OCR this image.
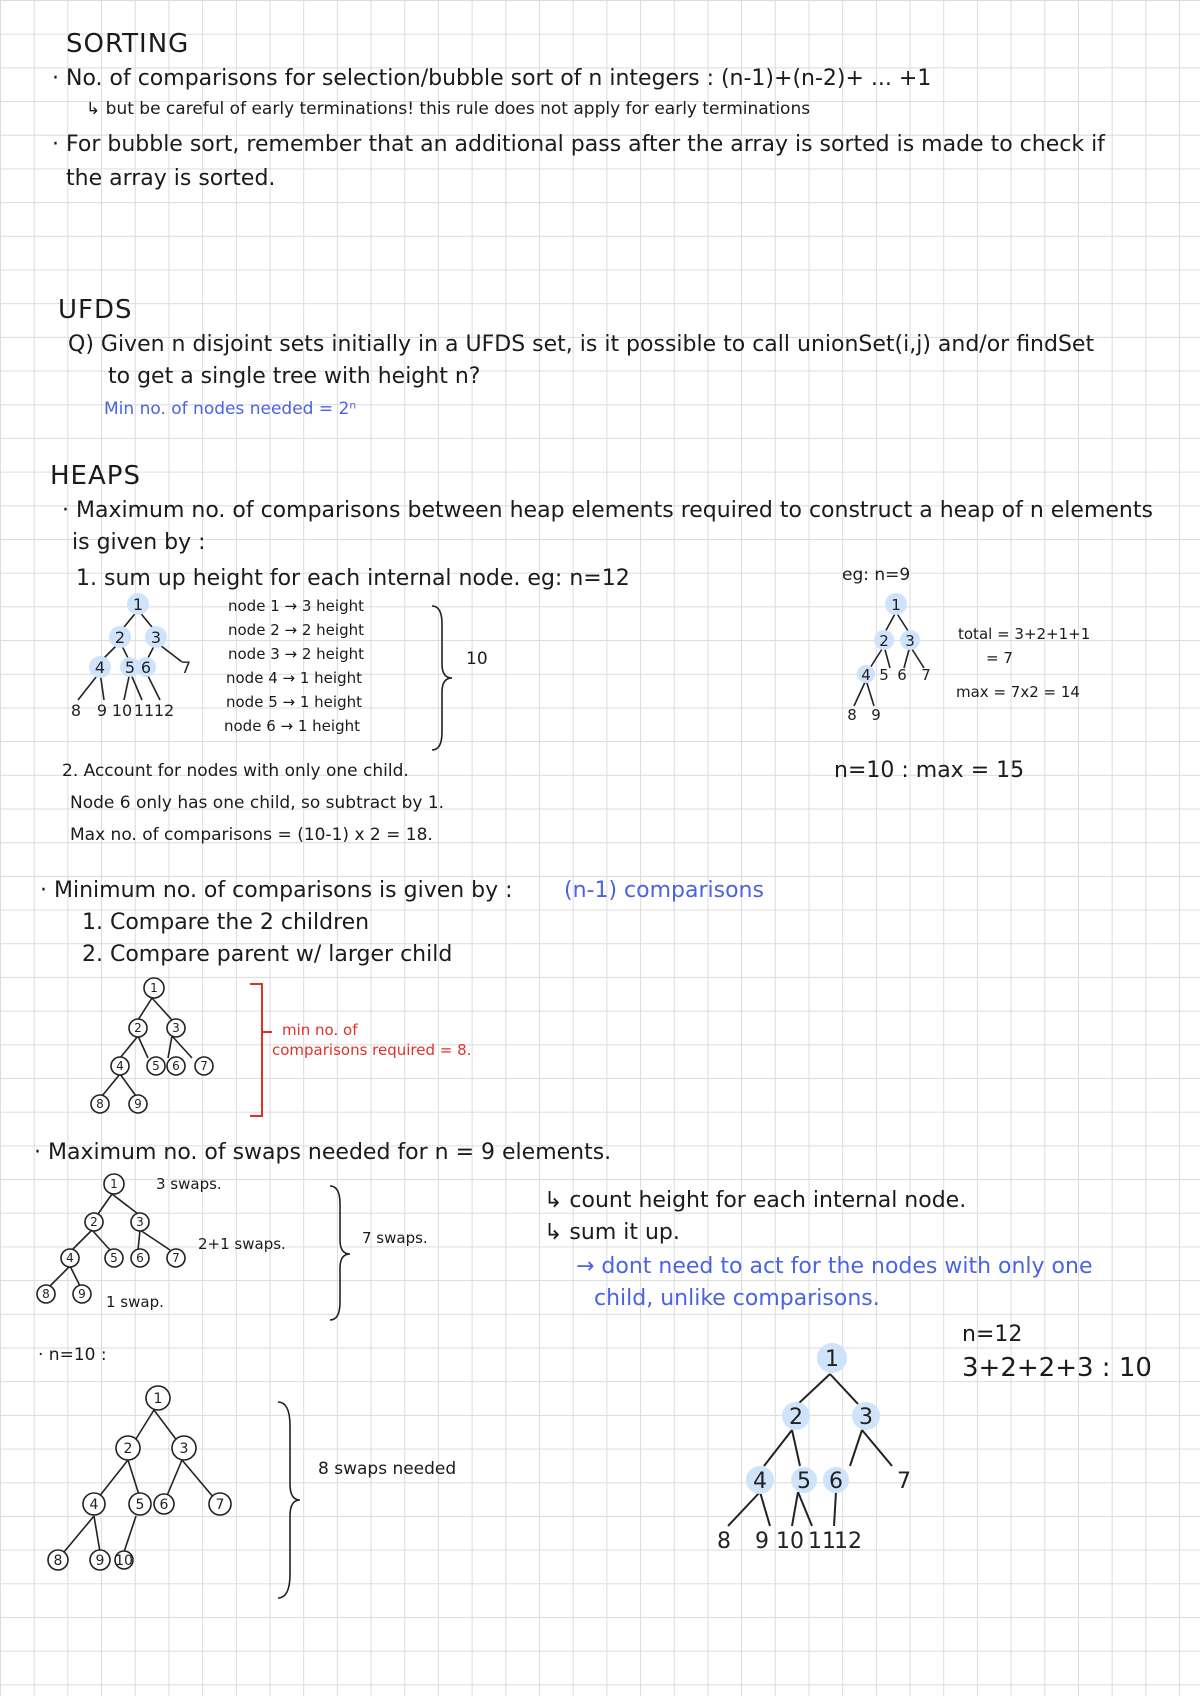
SORTING
· No. of comparisons for selection/bubble sort of n integers : (n-1)+(n-2)+ ... +1
↳ but be careful of early terminations! this rule does not apply for early terminations
· For bubble sort, remember that an additional pass after the array is sorted is made to check if
the array is sorted.
UFDS
Q) Given n disjoint sets initially in a UFDS set, is it possible to call unionSet(i,j) and/or findSet
to get a single tree with height n?
Min no. of nodes needed = 2ⁿ
HEAPS
· Maximum no. of comparisons between heap elements required to construct a heap of n elements
is given by :
1. sum up height for each internal node. eg: n=12
1
2 3
4 5 6 7
8 9 10 11 12
node 1 → 3 height
node 2 → 2 height
node 3 → 2 height
node 4 → 1 height
node 5 → 1 height
node 6 → 1 height
10
2. Account for nodes with only one child.
Node 6 only has one child, so subtract by 1.
Max no. of comparisons = (10-1) x 2 = 18.
eg: n=9
1
2 3
4 5 6 7
8 9
total = 3+2+1+1
= 7
max = 7x2 = 14
n=10 : max = 15
· Minimum no. of comparisons is given by : (n-1) comparisons
1. Compare the 2 children
2. Compare parent w/ larger child
1
2	3
4 5 6 7
8	9
min no. of
comparisons required = 8.
· Maximum no. of swaps needed for n = 9 elements.
1
2	3
4	5 6 7
8 9
3 swaps.
2+1 swaps.
1 swap.
7 swaps.
↳ count height for each internal node.
↳ sum it up.
→ dont need to act for the nodes with only one
child, unlike comparisons.
· n=10 :
1
2	3
4	5 6	7
8 9 10
8 swaps needed
1
2	3
4 5 6 7
8 9 10 11
12
n=12
3+2+2+3 : 10
